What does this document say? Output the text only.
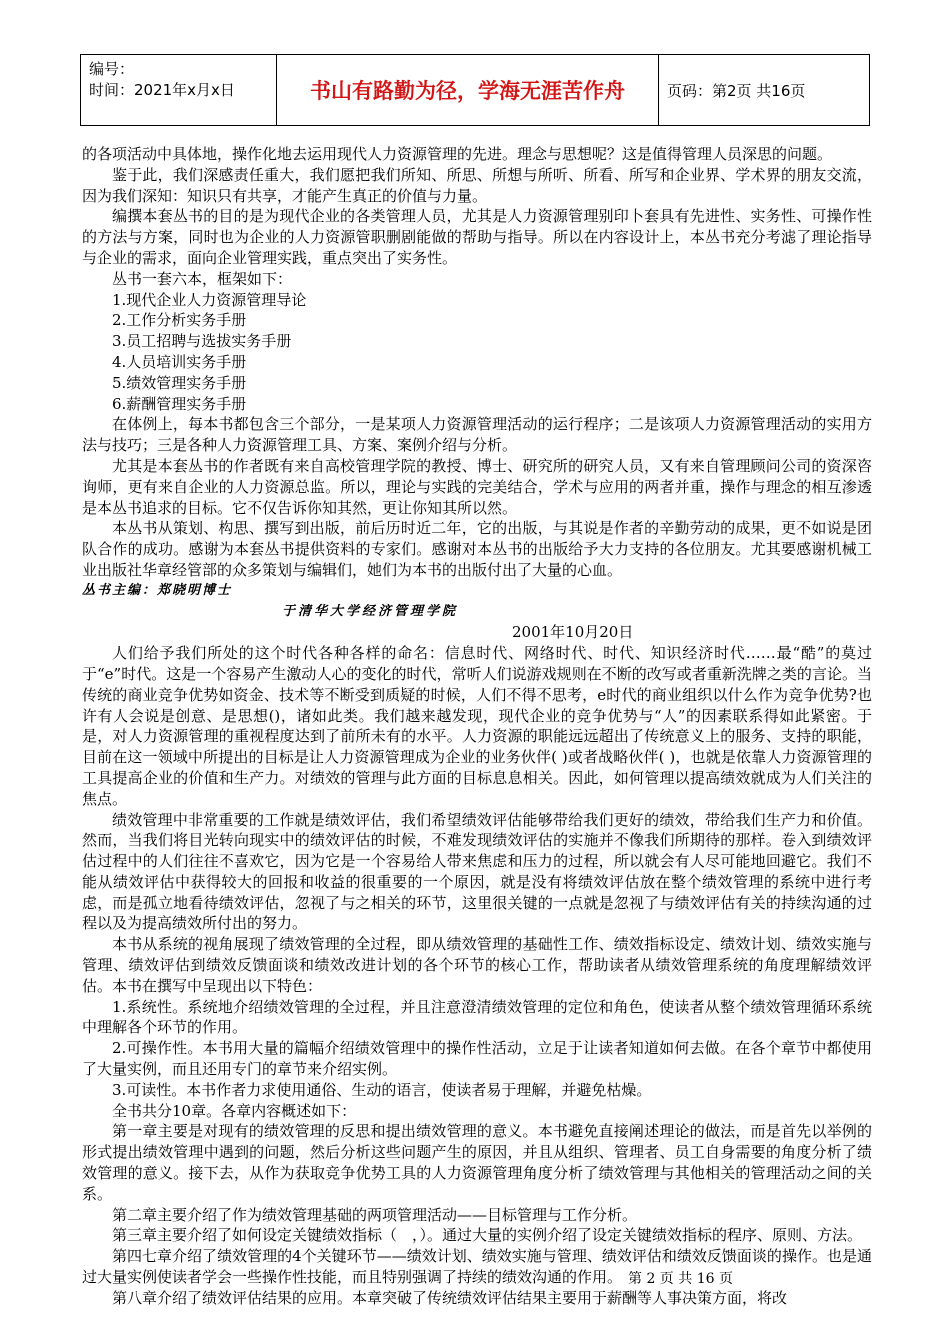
编号：
时间：2021年x月x日	书山有路勤为径，学海无涯苦作舟	页码：第2页 共16页

的各项活动中具体地，操作化地去运用现代人力资源管理的先进。理念与思想呢？这是值得管理人员深思的问题。

鉴于此，我们深感责任重大，我们愿把我们所知、所思、所想与所听、所看、所写和企业界、学术界的朋友交流，因为我们深知：知识只有共享，才能产生真正的价值与力量。

编撰本套丛书的目的是为现代企业的各类管理人员，尤其是人力资源管理别印卜套具有先进性、实务性、可操作性的方法与方案，同时也为企业的人力资源管职删剧能做的帮助与指导。所以在内容设计上，本丛书充分考滤了理论指导与企业的需求，面向企业管理实践，重点突出了实务性。

丛书一套六本，框架如下：

1.现代企业人力资源管理导论

2.工作分析实务手册

3.员工招聘与选拔实务手册

4.人员培训实务手册

5.绩效管理实务手册

6.薪酬管理实务手册

在体例上，每本书都包含三个部分，一是某项人力资源管理活动的运行程序；二是该项人力资源管理活动的实用方法与技巧；三是各种人力资源管理工具、方案、案例介绍与分析。

尤其是本套丛书的作者既有来自高校管理学院的教授、博士、研究所的研究人员，又有来自管理顾问公司的资深咨询师，更有来自企业的人力资源总监。所以，理论与实践的完美结合，学术与应用的两者并重，操作与理念的相互渗透是本丛书追求的目标。它不仅告诉你知其然，更让你知其所以然。

本丛书从策划、构思、撰写到出版，前后历时近二年，它的出版，与其说是作者的辛勤劳动的成果，更不如说是团队合作的成功。感谢为本套丛书提供资料的专家们。感谢对本丛书的出版给予大力支持的各位朋友。尤其要感谢机械工业出版社华章经管部的众多策划与编辑们，她们为本书的出版付出了大量的心血。

丛书主编：郑晓明博士

于清华大学经济管理学院

2001年10月20日

人们给予我们所处的这个时代各种各样的命名：信息时代、网络时代、时代、知识经济时代……最“酷”的莫过于“e”时代。这是一个容易产生激动人心的变化的时代，常听人们说游戏规则在不断的改写或者重新洗牌之类的言论。当传统的商业竞争优势如资金、技术等不断受到质疑的时候，人们不得不思考，e时代的商业组织以什么作为竞争优势?也许有人会说是创意、是思想()，诸如此类。我们越来越发现，现代企业的竞争优势与“人”的因素联系得如此紧密。于是，对人力资源管理的重视程度达到了前所未有的水平。人力资源的职能远远超出了传统意义上的服务、支持的职能，目前在这一领域中所提出的目标是让人力资源管理成为企业的业务伙伴( )或者战略伙伴( )，也就是依靠人力资源管理的工具提高企业的价值和生产力。对绩效的管理与此方面的目标息息相关。因此，如何管理以提高绩效就成为人们关注的焦点。

绩效管理中非常重要的工作就是绩效评估，我们希望绩效评估能够带给我们更好的绩效，带给我们生产力和价值。然而，当我们将目光转向现实中的绩效评估的时候，不难发现绩效评估的实施并不像我们所期待的那样。卷入到绩效评估过程中的人们往往不喜欢它，因为它是一个容易给人带来焦虑和压力的过程，所以就会有人尽可能地回避它。我们不能从绩效评估中获得较大的回报和收益的很重要的一个原因，就是没有将绩效评估放在整个绩效管理的系统中进行考虑，而是孤立地看待绩效评估，忽视了与之相关的环节，这里很关键的一点就是忽视了与绩效评估有关的持续沟通的过程以及为提高绩效所付出的努力。

本书从系统的视角展现了绩效管理的全过程，即从绩效管理的基础性工作、绩效指标设定、绩效计划、绩效实施与管理、绩效评估到绩效反馈面谈和绩效改进计划的各个环节的核心工作，帮助读者从绩效管理系统的角度理解绩效评估。本书在撰写中呈现出以下特色：

1.系统性。系统地介绍绩效管理的全过程，并且注意澄清绩效管理的定位和角色，使读者从整个绩效管理循环系统中理解各个环节的作用。

2.可操作性。本书用大量的篇幅介绍绩效管理中的操作性活动，立足于让读者知道如何去做。在各个章节中都使用了大量实例，而且还用专门的章节来介绍实例。

3.可读性。本书作者力求使用通俗、生动的语言，使读者易于理解，并避免枯燥。

全书共分10章。各章内容概述如下：

第一章主要是对现有的绩效管理的反思和提出绩效管理的意义。本书避免直接阐述理论的做法，而是首先以举例的形式提出绩效管理中遇到的问题，然后分析这些问题产生的原因，并且从组织、管理者、员工自身需要的角度分析了绩效管理的意义。接下去，从作为获取竞争优势工具的人力资源管理角度分析了绩效管理与其他相关的管理活动之间的关系。

第二章主要介绍了作为绩效管理基础的两项管理活动——目标管理与工作分析。

第三章主要介绍了如何设定关键绩效指标（　，）。通过大量的实例介绍了设定关键绩效指标的程序、原则、方法。

第四七章介绍了绩效管理的4个关键环节——绩效计划、绩效实施与管理、绩效评估和绩效反馈面谈的操作。也是通过大量实例使读者学会一些操作性技能，而且特别强调了持续的绩效沟通的作用。

第八章介绍了绩效评估结果的应用。本章突破了传统绩效评估结果主要用于薪酬等人事决策方面，将改

第 2 页 共 16 页
